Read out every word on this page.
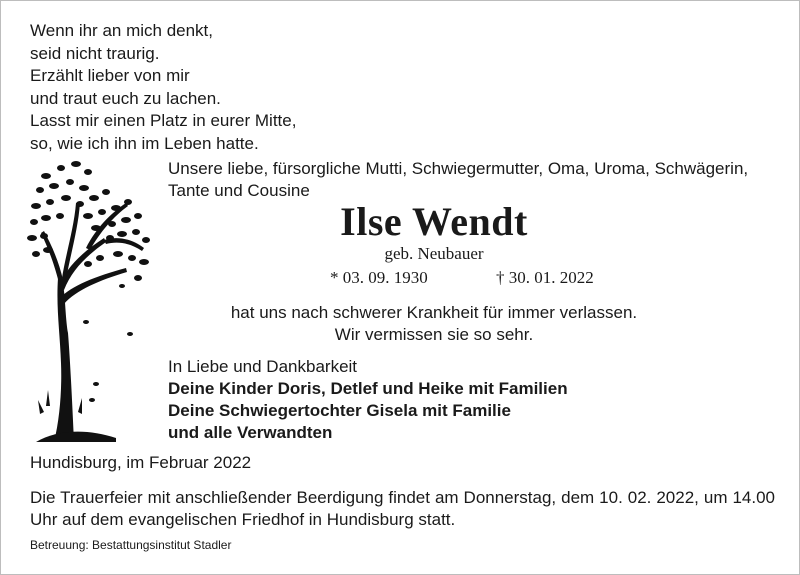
Wenn ihr an mich denkt,
seid nicht traurig.
Erzählt lieber von mir
und traut euch zu lachen.
Lasst mir einen Platz in eurer Mitte,
so, wie ich ihn im Leben hatte.
Unsere liebe, fürsorgliche Mutti, Schwiegermutter, Oma, Uroma, Schwägerin,
Tante und Cousine
Ilse Wendt
geb. Neubauer
* 03. 09. 1930	† 30. 01. 2022
hat uns nach schwerer Krankheit für immer verlassen.
Wir vermissen sie so sehr.
In Liebe und Dankbarkeit
Deine Kinder Doris, Detlef und Heike mit Familien
Deine Schwiegertochter Gisela mit Familie
und alle Verwandten
Hundisburg, im Februar 2022
Die Trauerfeier mit anschließender Beerdigung findet am Donnerstag, dem 10. 02. 2022, um 14.00 Uhr auf dem evangelischen Friedhof in Hundisburg statt.
Betreuung: Bestattungsinstitut Stadler
